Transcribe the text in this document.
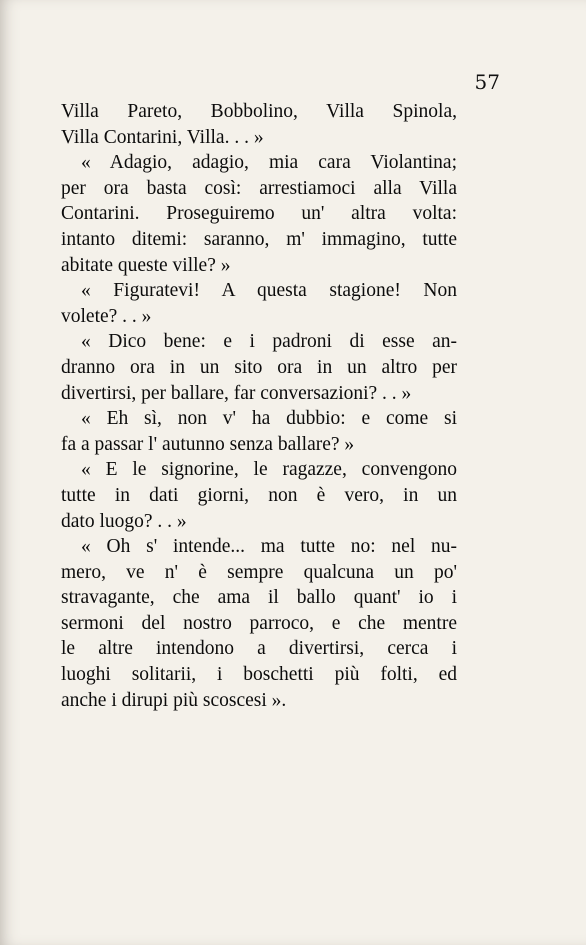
57

Villa Pareto, Bobbolino, Villa Spinola,
Villa Contarini, Villa. . . »

« Adagio, adagio, mia cara Violantina;
per ora basta così: arrestiamoci alla Villa
Contarini. Proseguiremo un' altra volta:
intanto ditemi: saranno, m' immagino, tutte
abitate queste ville? »

« Figuratevi! A questa stagione! Non
volete? . . »

« Dico bene: e i padroni di esse an-
dranno ora in un sito ora in un altro per
divertirsi, per ballare, far conversazioni? . . »

« Eh sì, non v' ha dubbio: e come si
fa a passar l' autunno senza ballare? »

« E le signorine, le ragazze, convengono
tutte in dati giorni, non è vero, in un
dato luogo? . . »

« Oh s' intende... ma tutte no: nel nu-
mero, ve n' è sempre qualcuna un po'
stravagante, che ama il ballo quant' io i
sermoni del nostro parroco, e che mentre
le altre intendono a divertirsi, cerca i
luoghi solitarii, i boschetti più folti, ed
anche i dirupi più scoscesi ».
